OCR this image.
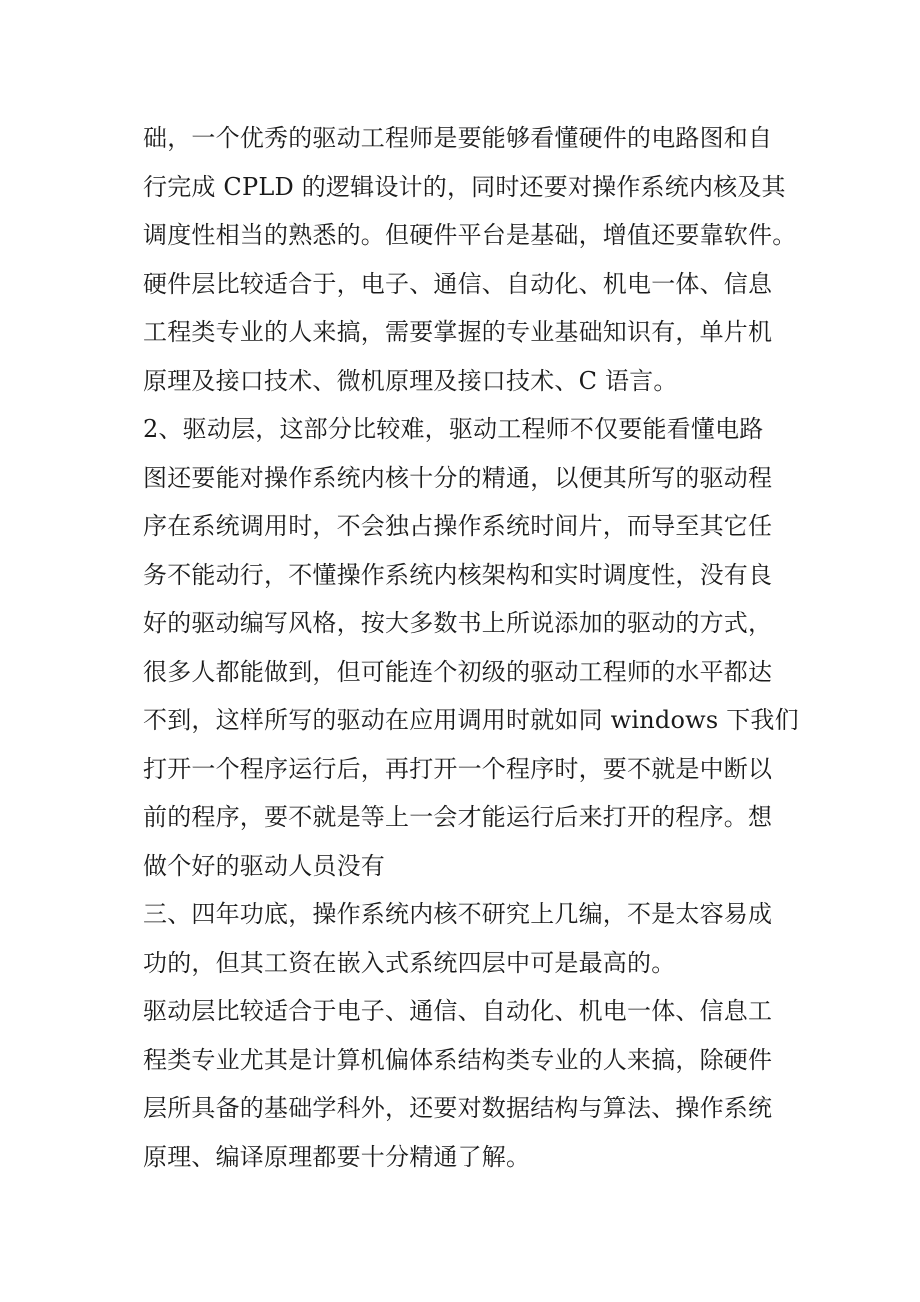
础，一个优秀的驱动工程师是要能够看懂硬件的电路图和自
行完成 CPLD 的逻辑设计的，同时还要对操作系统内核及其
调度性相当的熟悉的。但硬件平台是基础，增值还要靠软件。
硬件层比较适合于，电子、通信、自动化、机电一体、信息
工程类专业的人来搞，需要掌握的专业基础知识有，单片机
原理及接口技术、微机原理及接口技术、C 语言。
2、驱动层，这部分比较难，驱动工程师不仅要能看懂电路
图还要能对操作系统内核十分的精通，以便其所写的驱动程
序在系统调用时，不会独占操作系统时间片，而导至其它任
务不能动行，不懂操作系统内核架构和实时调度性，没有良
好的驱动编写风格，按大多数书上所说添加的驱动的方式，
很多人都能做到，但可能连个初级的驱动工程师的水平都达
不到，这样所写的驱动在应用调用时就如同 windows 下我们
打开一个程序运行后，再打开一个程序时，要不就是中断以
前的程序，要不就是等上一会才能运行后来打开的程序。想
做个好的驱动人员没有
三、四年功底，操作系统内核不研究上几编，不是太容易成
功的，但其工资在嵌入式系统四层中可是最高的。
驱动层比较适合于电子、通信、自动化、机电一体、信息工
程类专业尤其是计算机偏体系结构类专业的人来搞，除硬件
层所具备的基础学科外，还要对数据结构与算法、操作系统
原理、编译原理都要十分精通了解。
